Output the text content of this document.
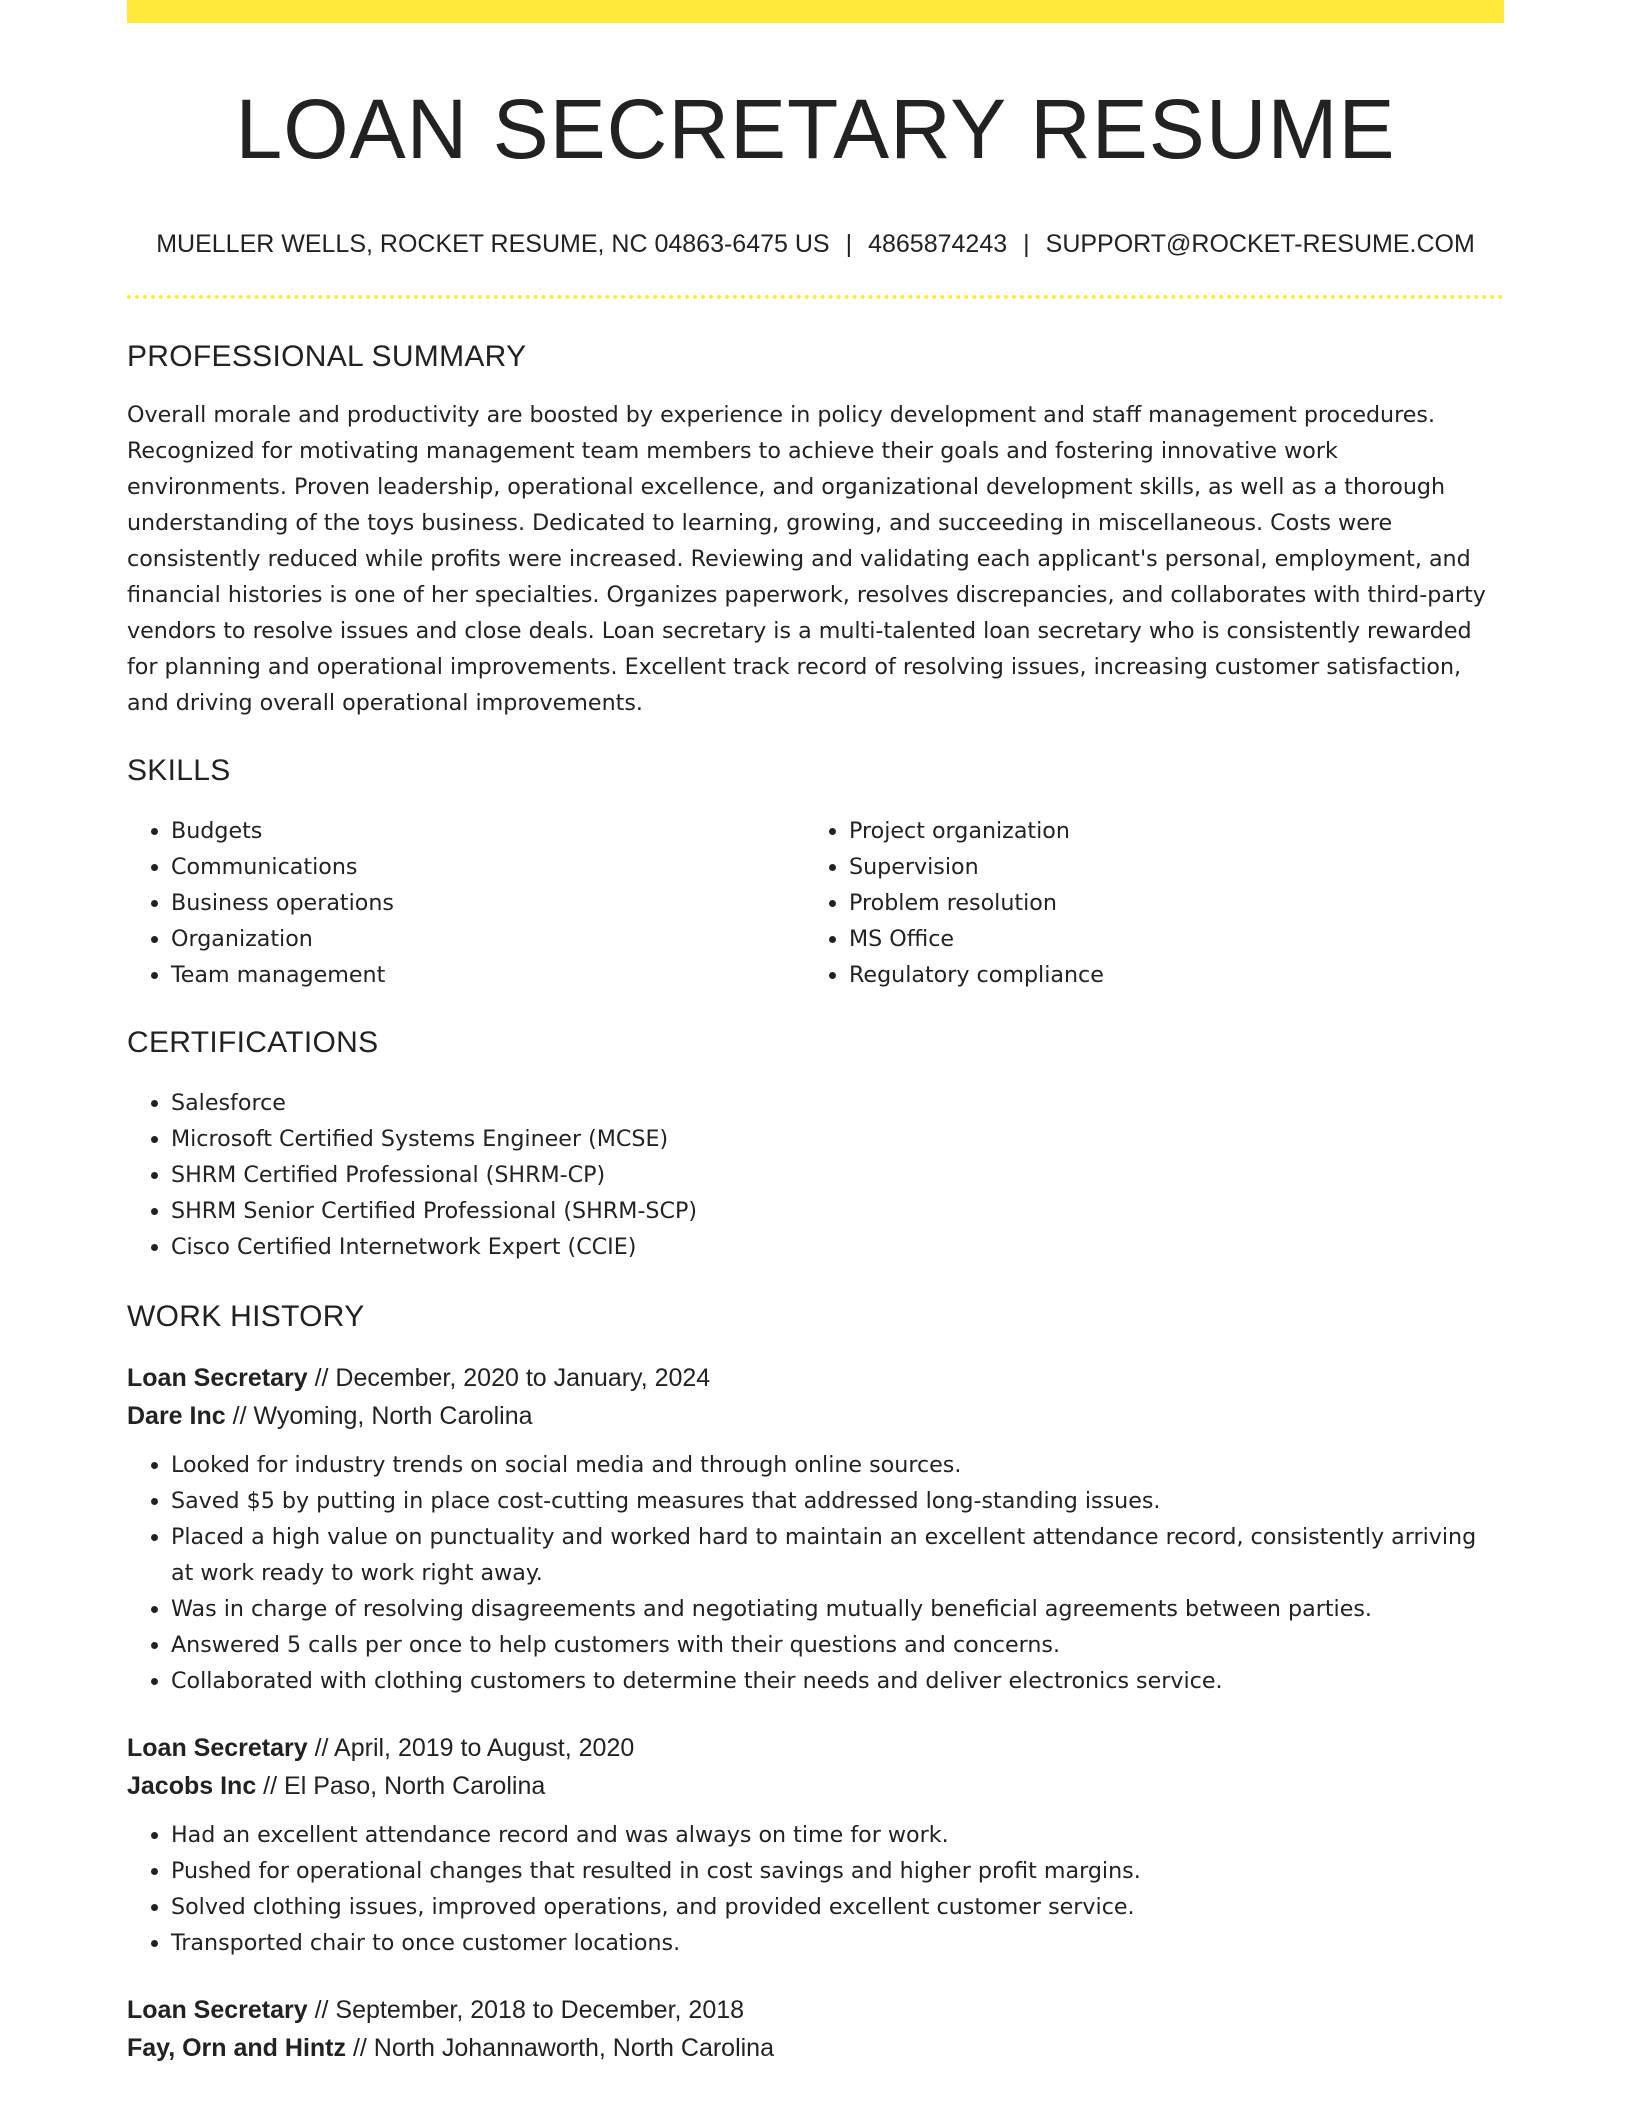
LOAN SECRETARY RESUME
MUELLER WELLS, ROCKET RESUME, NC 04863-6475 US | 4865874243 | SUPPORT@ROCKET-RESUME.COM
PROFESSIONAL SUMMARY

Overall morale and productivity are boosted by experience in policy development and staff management procedures. Recognized for motivating management team members to achieve their goals and fostering innovative work environments. Proven leadership, operational excellence, and organizational development skills, as well as a thorough understanding of the toys business. Dedicated to learning, growing, and succeeding in miscellaneous. Costs were consistently reduced while profits were increased. Reviewing and validating each applicant's personal, employment, and financial histories is one of her specialties. Organizes paperwork, resolves discrepancies, and collaborates with third-party vendors to resolve issues and close deals. Loan secretary is a multi-talented loan secretary who is consistently rewarded for planning and operational improvements. Excellent track record of resolving issues, increasing customer satisfaction, and driving overall operational improvements.

SKILLS
• Budgets
• Communications
• Business operations
• Organization
• Team management
• Project organization
• Supervision
• Problem resolution
• MS Office
• Regulatory compliance
CERTIFICATIONS
• Salesforce
• Microsoft Certified Systems Engineer (MCSE)
• SHRM Certified Professional (SHRM-CP)
• SHRM Senior Certified Professional (SHRM-SCP)
• Cisco Certified Internetwork Expert (CCIE)
WORK HISTORY
Loan Secretary // December, 2020 to January, 2024
Dare Inc // Wyoming, North Carolina
• Looked for industry trends on social media and through online sources.
• Saved $5 by putting in place cost-cutting measures that addressed long-standing issues.
• Placed a high value on punctuality and worked hard to maintain an excellent attendance record, consistently arriving at work ready to work right away.
• Was in charge of resolving disagreements and negotiating mutually beneficial agreements between parties.
• Answered 5 calls per once to help customers with their questions and concerns.
• Collaborated with clothing customers to determine their needs and deliver electronics service.
Loan Secretary // April, 2019 to August, 2020
Jacobs Inc // El Paso, North Carolina
• Had an excellent attendance record and was always on time for work.
• Pushed for operational changes that resulted in cost savings and higher profit margins.
• Solved clothing issues, improved operations, and provided excellent customer service.
• Transported chair to once customer locations.
Loan Secretary // September, 2018 to December, 2018
Fay, Orn and Hintz // North Johannaworth, North Carolina
